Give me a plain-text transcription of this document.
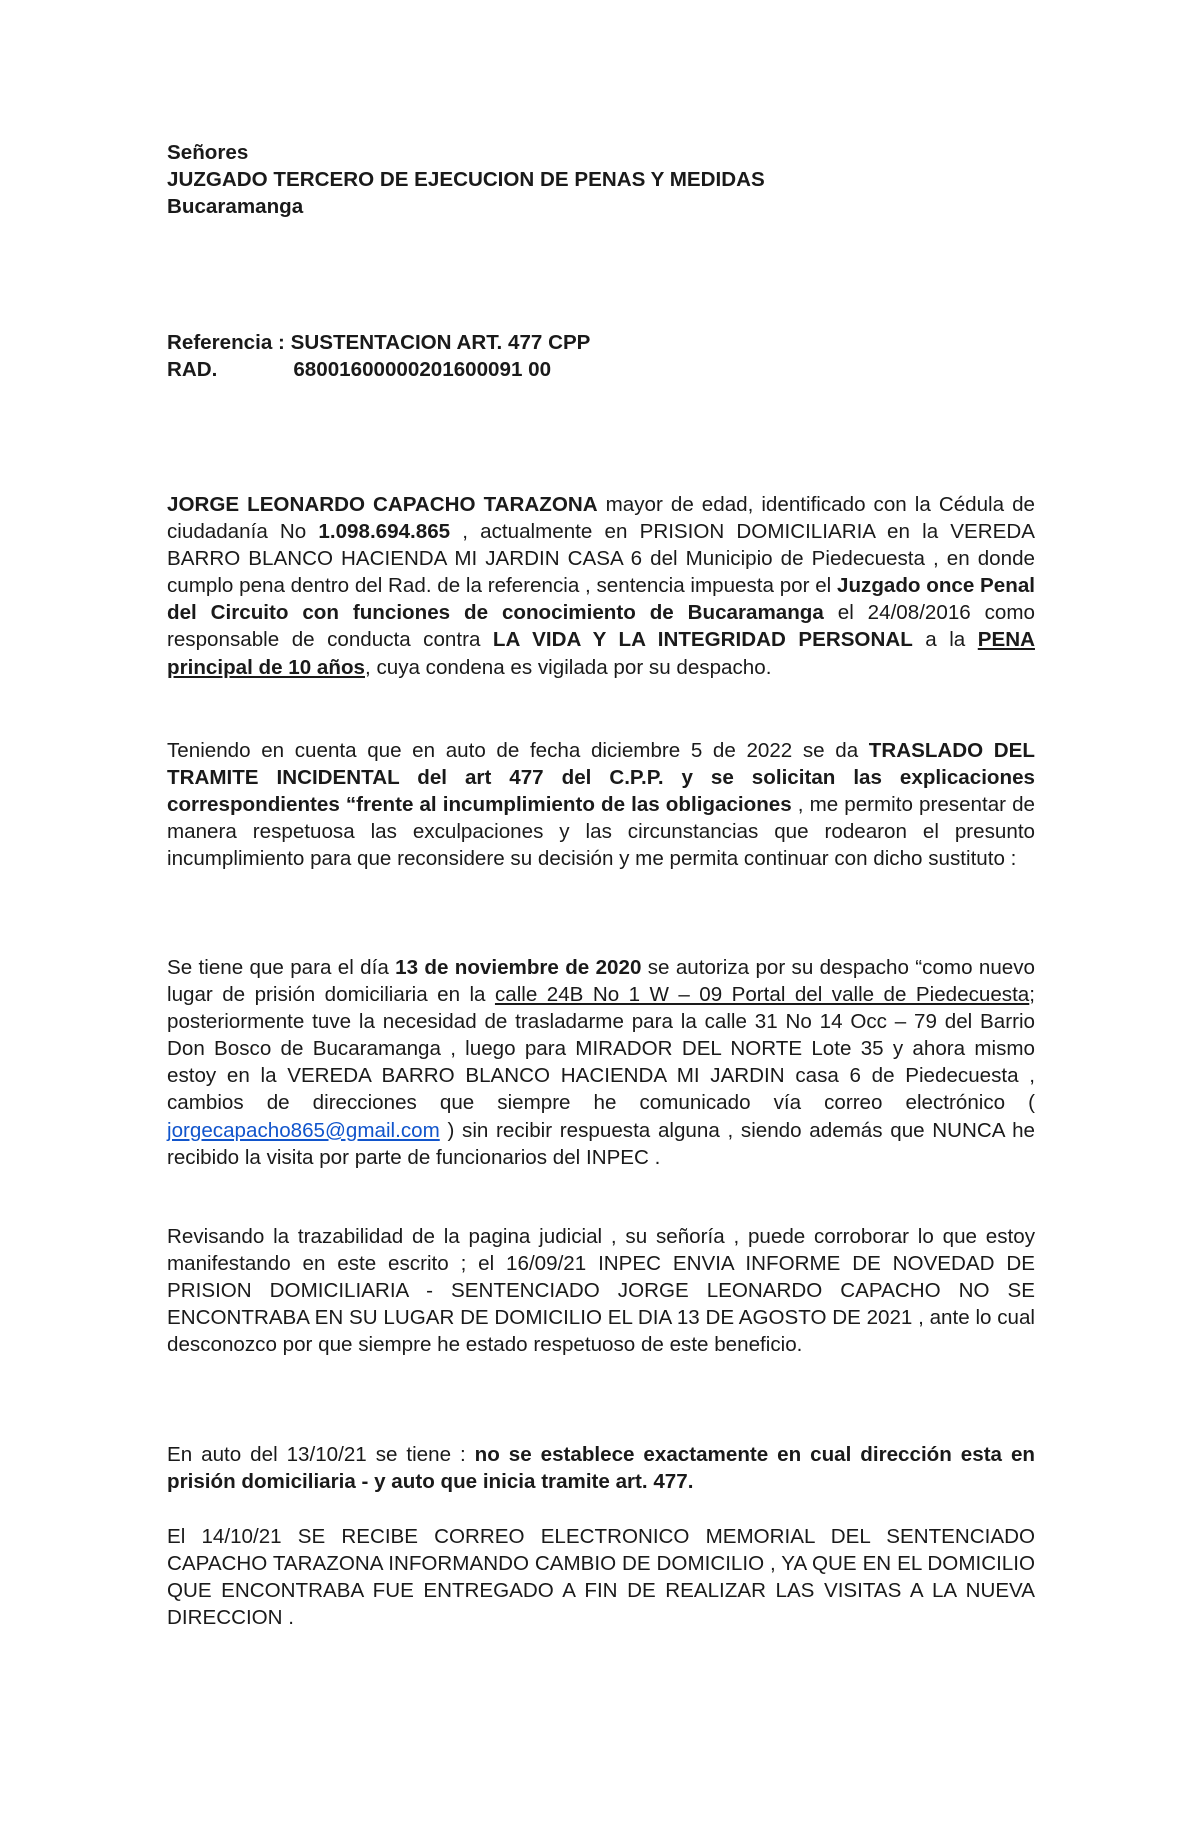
Señores
JUZGADO TERCERO DE EJECUCION DE PENAS Y MEDIDAS
Bucaramanga
Referencia : SUSTENTACION ART. 477 CPP
RAD.	68001600000201600091 00

JORGE LEONARDO CAPACHO TARAZONA mayor de edad, identificado con la Cédula de ciudadanía No 1.098.694.865 , actualmente en PRISION DOMICILIARIA en la VEREDA BARRO BLANCO HACIENDA MI JARDIN CASA 6 del Municipio de Piedecuesta , en donde cumplo pena dentro del Rad. de la referencia , sentencia impuesta por el Juzgado once Penal del Circuito con funciones de conocimiento de Bucaramanga el 24/08/2016 como responsable de conducta contra LA VIDA Y LA INTEGRIDAD PERSONAL a la PENA principal de 10 años, cuya condena es vigilada por su despacho.

Teniendo en cuenta que en auto de fecha diciembre 5 de 2022 se da TRASLADO DEL TRAMITE INCIDENTAL del art 477 del C.P.P. y se solicitan las explicaciones correspondientes “frente al incumplimiento de las obligaciones , me permito presentar de manera respetuosa las exculpaciones y las circunstancias que rodearon el presunto incumplimiento para que reconsidere su decisión y me permita continuar con dicho sustituto :

Se tiene que para el día 13 de noviembre de 2020 se autoriza por su despacho “como nuevo lugar de prisión domiciliaria en la calle 24B No 1 W – 09 Portal del valle de Piedecuesta; posteriormente tuve la necesidad de trasladarme para la calle 31 No 14 Occ – 79 del Barrio Don Bosco de Bucaramanga , luego para MIRADOR DEL NORTE Lote 35 y ahora mismo estoy en la VEREDA BARRO BLANCO HACIENDA MI JARDIN casa 6 de Piedecuesta , cambios de direcciones que siempre he comunicado vía correo electrónico ( jorgecapacho865@gmail.com ) sin recibir respuesta alguna , siendo además que NUNCA he recibido la visita por parte de funcionarios del INPEC .

Revisando la trazabilidad de la pagina judicial , su señoría , puede corroborar lo que estoy manifestando en este escrito ; el 16/09/21 INPEC ENVIA INFORME DE NOVEDAD DE PRISION DOMICILIARIA - SENTENCIADO JORGE LEONARDO CAPACHO NO SE ENCONTRABA EN SU LUGAR DE DOMICILIO EL DIA 13 DE AGOSTO DE 2021 , ante lo cual desconozco por que siempre he estado respetuoso de este beneficio.

En auto del 13/10/21 se tiene : no se establece exactamente en cual dirección esta en prisión domiciliaria - y auto que inicia tramite art. 477.

El 14/10/21 SE RECIBE CORREO ELECTRONICO MEMORIAL DEL SENTENCIADO CAPACHO TARAZONA INFORMANDO CAMBIO DE DOMICILIO , YA QUE EN EL DOMICILIO QUE ENCONTRABA FUE ENTREGADO A FIN DE REALIZAR LAS VISITAS A LA NUEVA DIRECCION .
